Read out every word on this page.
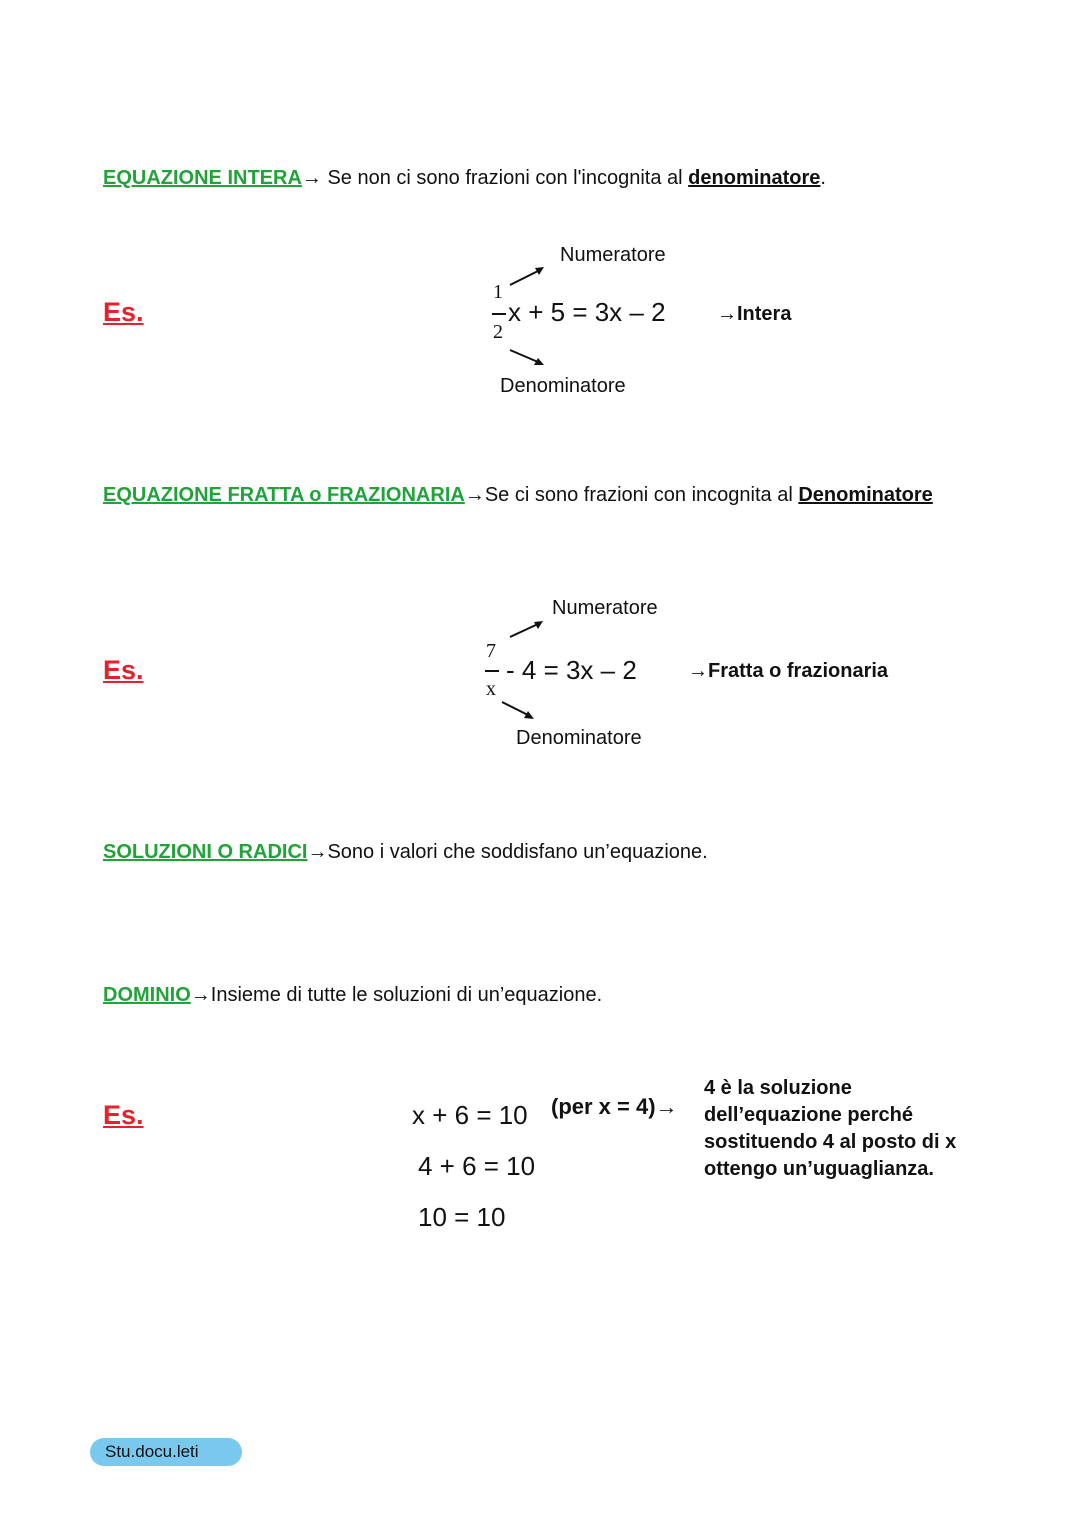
EQUAZIONE INTERA→ Se non ci sono frazioni con l'incognita al denominatore.
Es.
Numeratore
1
2
x + 5 = 3x – 2
Denominatore
→Intera
EQUAZIONE FRATTA o FRAZIONARIA→Se ci sono frazioni con incognita al Denominatore
Es.
Numeratore
7
x
- 4 = 3x – 2
Denominatore
→Fratta o frazionaria
SOLUZIONI O RADICI→Sono i valori che soddisfano un’equazione.
DOMINIO→Insieme di tutte le soluzioni di un’equazione.
Es.	x + 6 = 10 (per x = 4)→
4 + 6 = 10
10 = 10
4 è la soluzione dell’equazione perché sostituendo 4 al posto di x ottengo un’uguaglianza.
Stu.docu.leti
